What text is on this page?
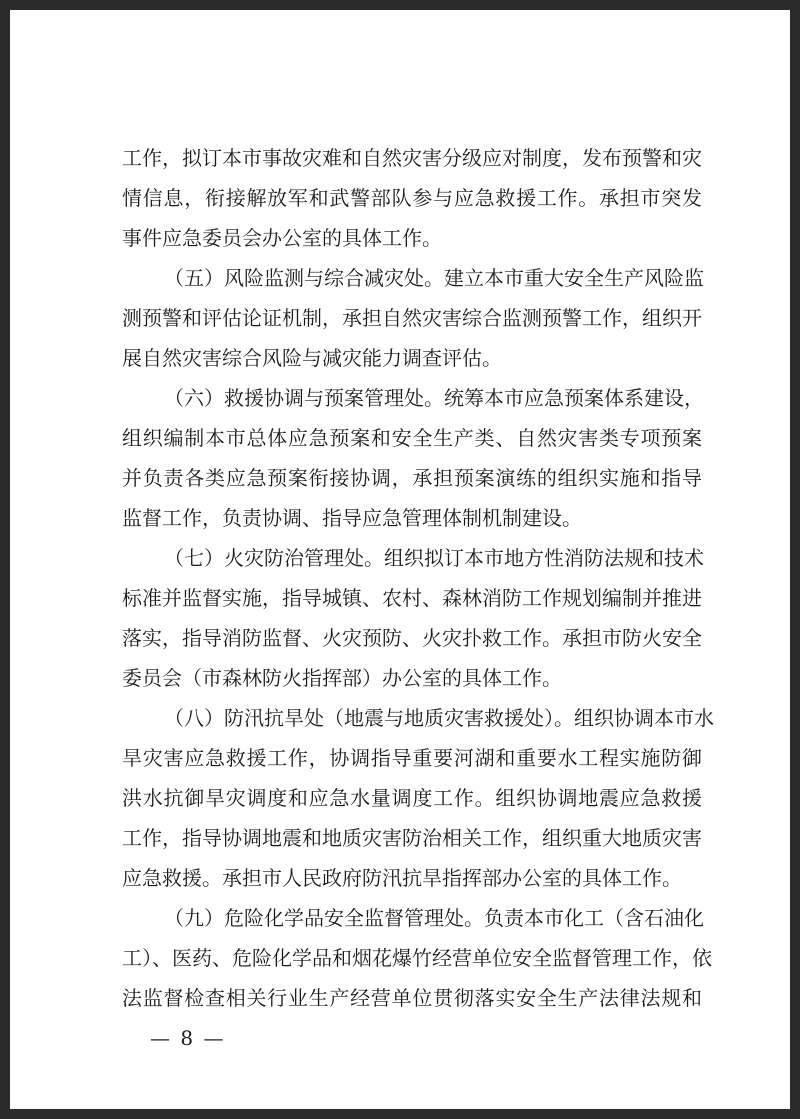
工作，拟订本市事故灾难和自然灾害分级应对制度，发布预警和灾
情信息，衔接解放军和武警部队参与应急救援工作。承担市突发
事件应急委员会办公室的具体工作。
（五）风险监测与综合减灾处。建立本市重大安全生产风险监
测预警和评估论证机制，承担自然灾害综合监测预警工作，组织开
展自然灾害综合风险与减灾能力调查评估。
（六）救援协调与预案管理处。统筹本市应急预案体系建设，
组织编制本市总体应急预案和安全生产类、自然灾害类专项预案
并负责各类应急预案衔接协调，承担预案演练的组织实施和指导
监督工作，负责协调、指导应急管理体制机制建设。
（七）火灾防治管理处。组织拟订本市地方性消防法规和技术
标准并监督实施，指导城镇、农村、森林消防工作规划编制并推进
落实，指导消防监督、火灾预防、火灾扑救工作。承担市防火安全
委员会（市森林防火指挥部）办公室的具体工作。
（八）防汛抗旱处（地震与地质灾害救援处）。组织协调本市水
旱灾害应急救援工作，协调指导重要河湖和重要水工程实施防御
洪水抗御旱灾调度和应急水量调度工作。组织协调地震应急救援
工作，指导协调地震和地质灾害防治相关工作，组织重大地质灾害
应急救援。承担市人民政府防汛抗旱指挥部办公室的具体工作。
（九）危险化学品安全监督管理处。负责本市化工（含石油化
工）、医药、危险化学品和烟花爆竹经营单位安全监督管理工作，依
法监督检查相关行业生产经营单位贯彻落实安全生产法律法规和
— 8 —
